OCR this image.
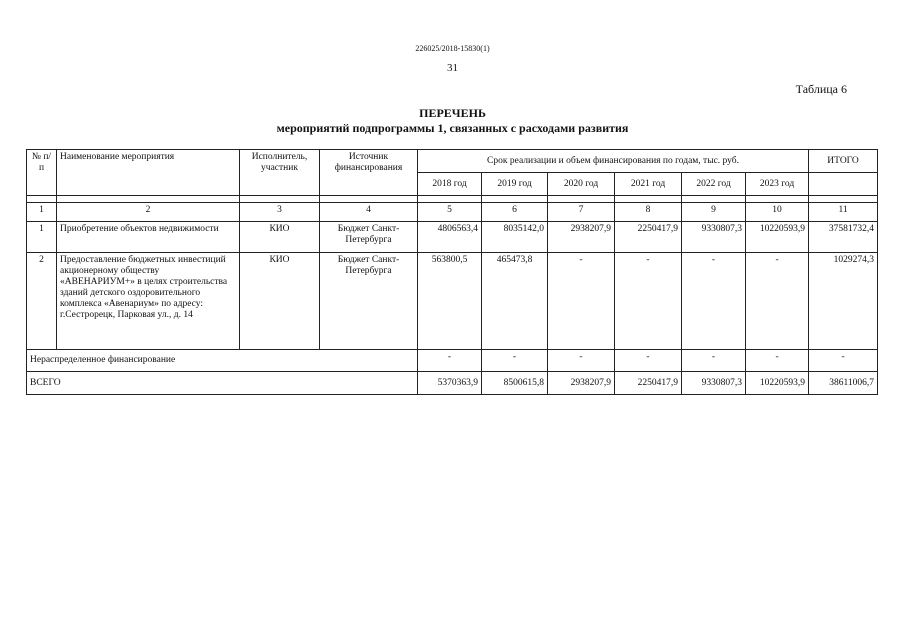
226025/2018-15830(1)
31
Таблица 6
ПЕРЕЧЕНЬ
мероприятий подпрограммы 1, связанных с расходами развития
№ п/п	Наименование мероприятия	Исполнитель, участник	Источник финансирования	Срок реализации и объем финансирования по годам, тыс. руб.						ИТОГО
				2018 год	2019 год	2020 год	2021 год	2022 год	2023 год	

1	2	3	4	5	6	7	8	9	10	11
1	Приобретение объектов недвижимости	КИО	Бюджет Санкт-Петербурга	4806563,4	8035142,0	2938207,9	2250417,9	9330807,3	10220593,9	37581732,4
2	Предоставление бюджетных инвестиций акционерному обществу «АВЕНАРИУМ+» в целях строительства зданий детского оздоровительного комплекса «Авенариум» по адресу: г.Сестрорецк, Парковая ул., д. 14	КИО	Бюджет Санкт-Петербурга	563800,5	465473,8	-	-	-	-	1029274,3
Нераспределенное финансирование				-	-	-	-	-	-	-
ВСЕГО				5370363,9	8500615,8	2938207,9	2250417,9	9330807,3	10220593,9	38611006,7
